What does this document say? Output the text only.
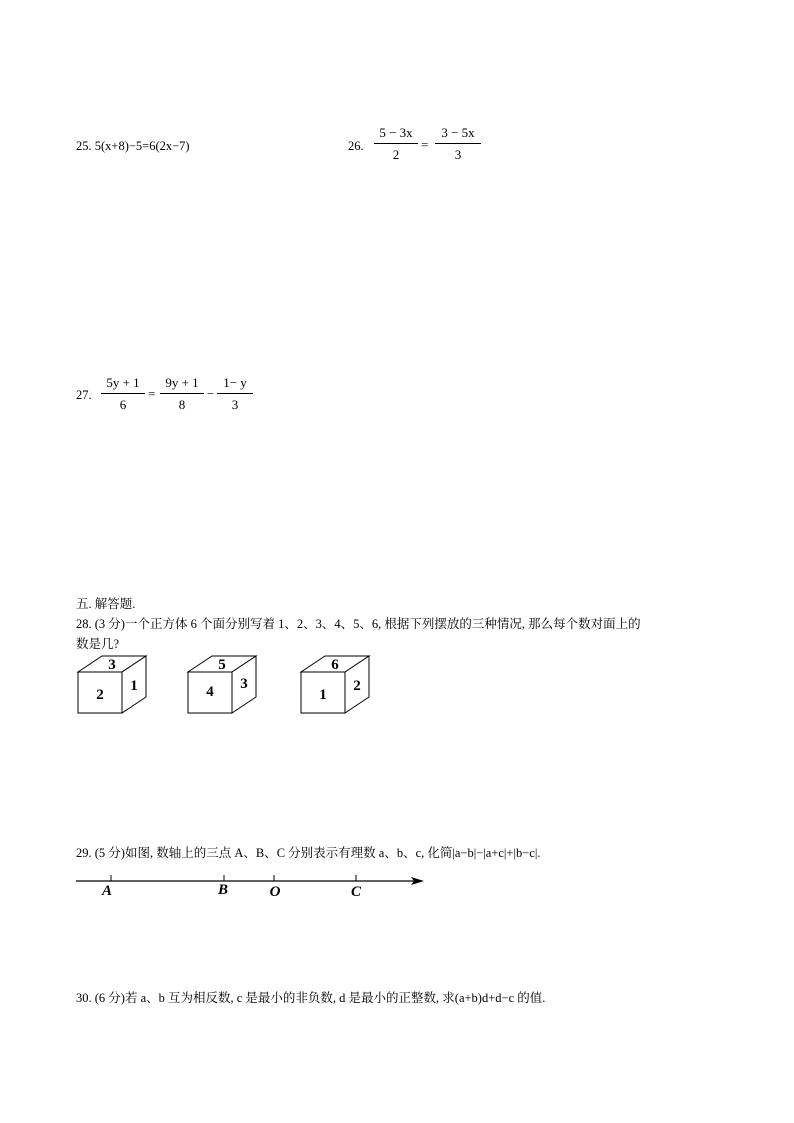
25. 5(x+8)−5=6(2x−7)	26. $\frac{5 - 3x}{2} = \frac{3 - 5x}{3}$
27. $\frac{5y + 1}{6} = \frac{9y + 1}{8} - \frac{1- y}{3}$
五. 解答题.
28. (3 分)一个正方体 6 个面分别写着 1、2、3、4、5、6, 根据下列摆放的三种情况, 那么每个数对面上的
数是几?
3
2
1
5
4 3
6
1
2
29. (5 分)如图, 数轴上的三点 A、B、C 分别表示有理数 a、b、c, 化简|a−b|−|a+c|+|b−c|.
A	B	O	C
30. (6 分)若 a、b 互为相反数, c 是最小的非负数, d 是最小的正整数, 求(a+b)d+d−c 的值.
